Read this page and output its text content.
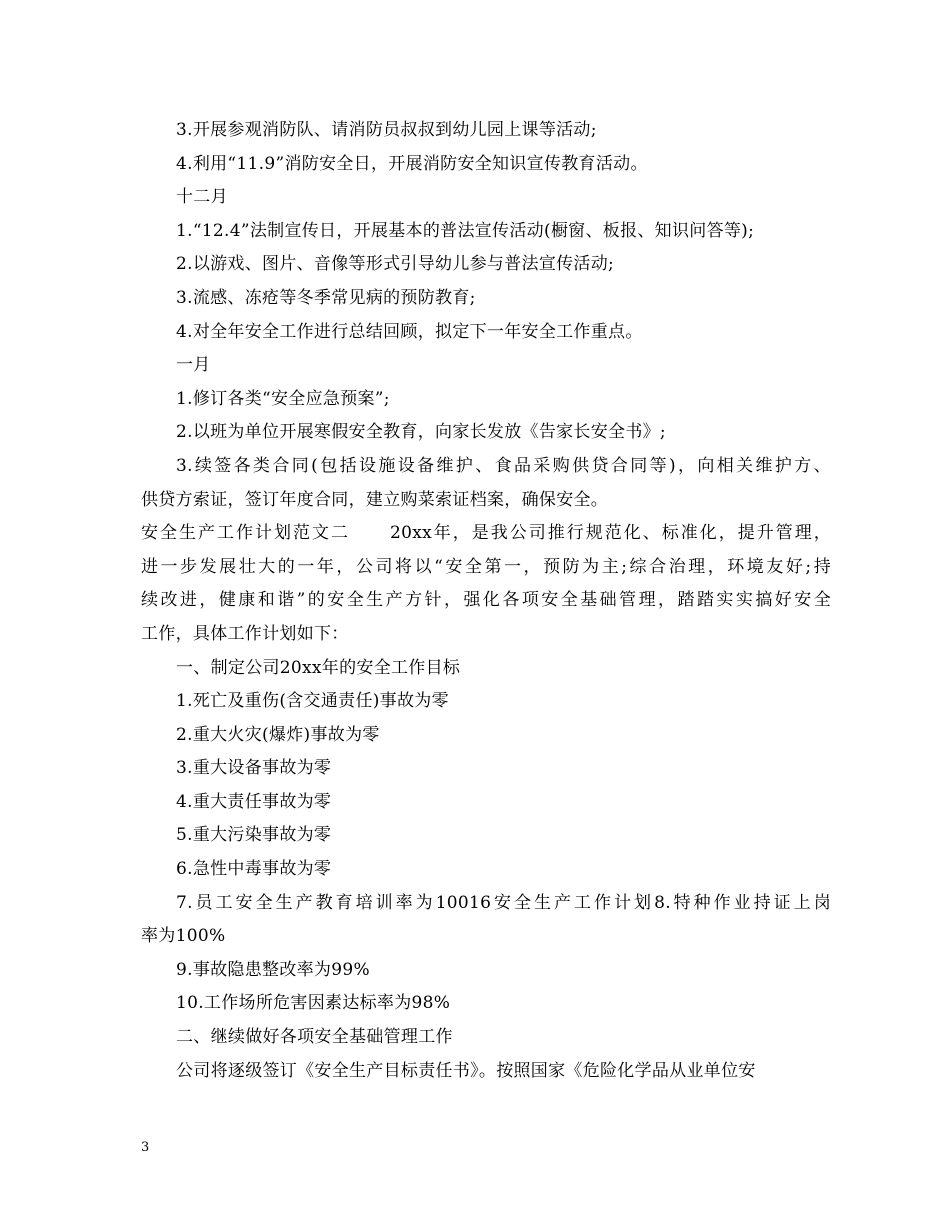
3.开展参观消防队、请消防员叔叔到幼儿园上课等活动;
4.利用“11.9”消防安全日，开展消防安全知识宣传教育活动。
十二月
1.“12.4”法制宣传日，开展基本的普法宣传活动(橱窗、板报、知识问答等);
2.以游戏、图片、音像等形式引导幼儿参与普法宣传活动;
3.流感、冻疮等冬季常见病的预防教育;
4.对全年安全工作进行总结回顾，拟定下一年安全工作重点。
一月
1.修订各类“安全应急预案”;
2.以班为单位开展寒假安全教育，向家长发放《告家长安全书》;
3.续签各类合同(包括设施设备维护、食品采购供贷合同等)，向相关维护方、
供贷方索证，签订年度合同，建立购菜索证档案，确保安全。
安全生产工作计划范文二 20xx年，是我公司推行规范化、标准化，提升管理，
进一步发展壮大的一年，公司将以“安全第一，预防为主;综合治理，环境友好;持
续改进，健康和谐”的安全生产方针，强化各项安全基础管理，踏踏实实搞好安全
工作，具体工作计划如下：
一、制定公司20xx年的安全工作目标
1.死亡及重伤(含交通责任)事故为零
2.重大火灾(爆炸)事故为零
3.重大设备事故为零
4.重大责任事故为零
5.重大污染事故为零
6.急性中毒事故为零
7.员工安全生产教育培训率为10016安全生产工作计划8.特种作业持证上岗
率为100%
9.事故隐患整改率为99%
10.工作场所危害因素达标率为98%
二、继续做好各项安全基础管理工作
公司将逐级签订《安全生产目标责任书》。按照国家《危险化学品从业单位安
3
